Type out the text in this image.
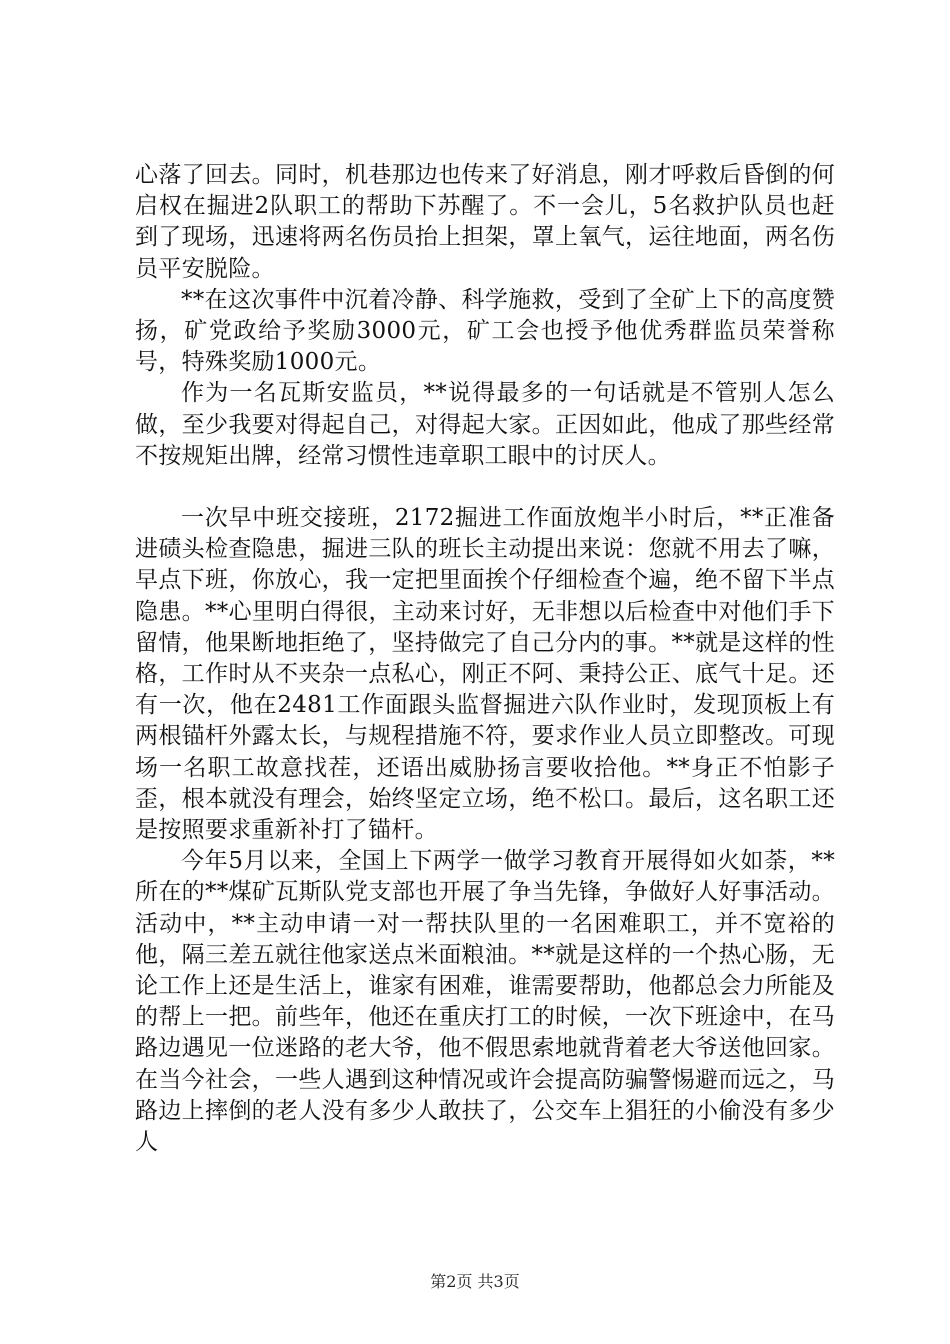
心落了回去。同时，机巷那边也传来了好消息，刚才呼救后昏倒的何启权在掘进2队职工的帮助下苏醒了。不一会儿，5名救护队员也赶到了现场，迅速将两名伤员抬上担架，罩上氧气，运往地面，两名伤员平安脱险。

**在这次事件中沉着冷静、科学施救，受到了全矿上下的高度赞扬，矿党政给予奖励3000元，矿工会也授予他优秀群监员荣誉称号，特殊奖励1000元。

作为一名瓦斯安监员，**说得最多的一句话就是不管别人怎么做，至少我要对得起自己，对得起大家。正因如此，他成了那些经常不按规矩出牌，经常习惯性违章职工眼中的讨厌人。

一次早中班交接班，2172掘进工作面放炮半小时后，**正准备进碛头检查隐患，掘进三队的班长主动提出来说：您就不用去了嘛，早点下班，你放心，我一定把里面挨个仔细检查个遍，绝不留下半点隐患。**心里明白得很，主动来讨好，无非想以后检查中对他们手下留情，他果断地拒绝了，坚持做完了自己分内的事。**就是这样的性格，工作时从不夹杂一点私心，刚正不阿、秉持公正、底气十足。还有一次，他在2481工作面跟头监督掘进六队作业时，发现顶板上有两根锚杆外露太长，与规程措施不符，要求作业人员立即整改。可现场一名职工故意找茬，还语出威胁扬言要收拾他。**身正不怕影子歪，根本就没有理会，始终坚定立场，绝不松口。最后，这名职工还是按照要求重新补打了锚杆。

今年5月以来，全国上下两学一做学习教育开展得如火如荼，**所在的**煤矿瓦斯队党支部也开展了争当先锋，争做好人好事活动。活动中，**主动申请一对一帮扶队里的一名困难职工，并不宽裕的他，隔三差五就往他家送点米面粮油。**就是这样的一个热心肠，无论工作上还是生活上，谁家有困难，谁需要帮助，他都总会力所能及的帮上一把。前些年，他还在重庆打工的时候，一次下班途中，在马路边遇见一位迷路的老大爷，他不假思索地就背着老大爷送他回家。在当今社会，一些人遇到这种情况或许会提高防骗警惕避而远之，马路边上摔倒的老人没有多少人敢扶了，公交车上猖狂的小偷没有多少人

第2页 共3页
